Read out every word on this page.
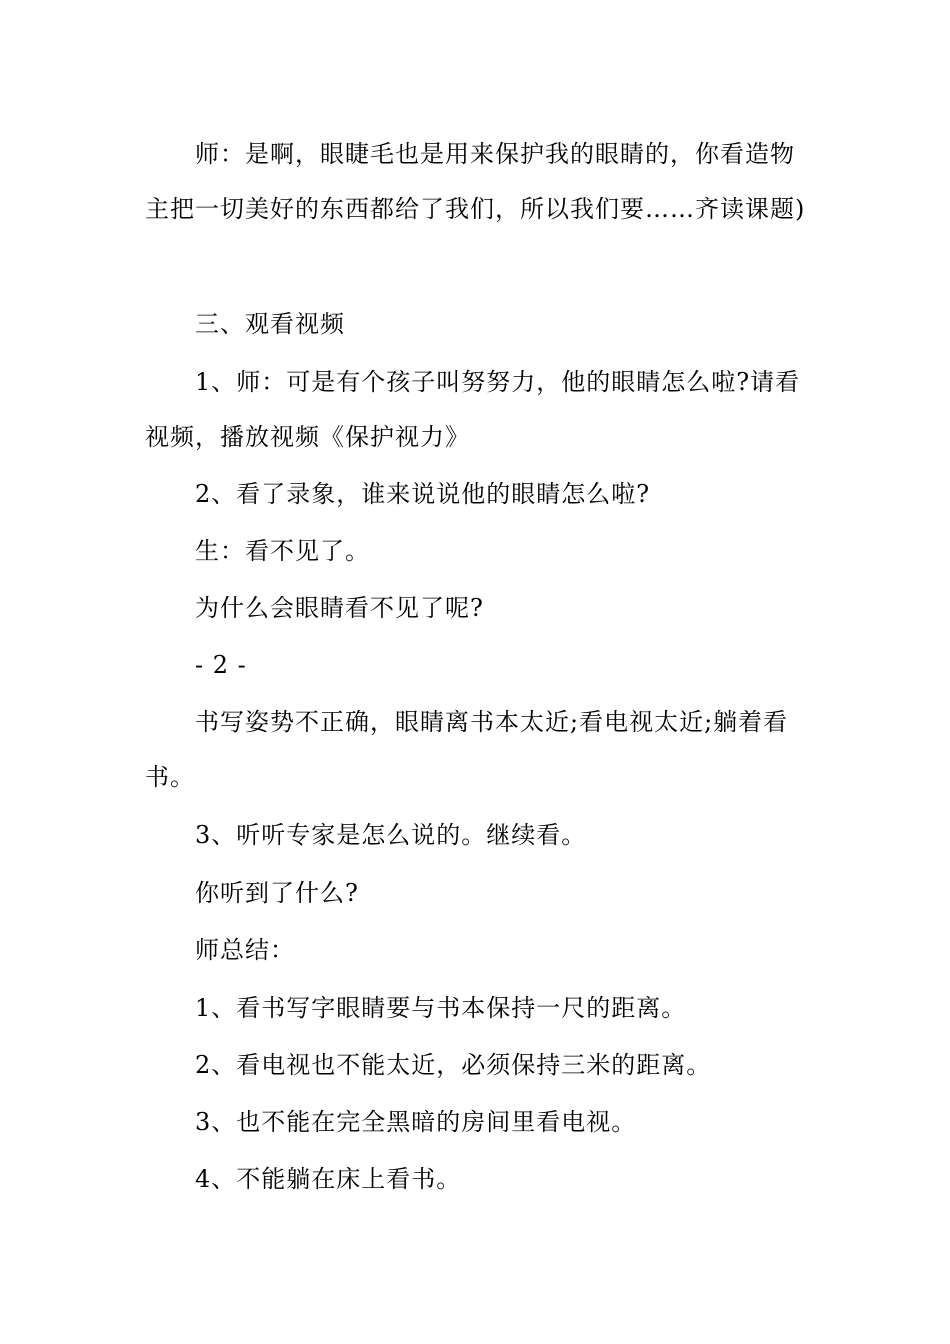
师：是啊，眼睫毛也是用来保护我的眼睛的，你看造物主把一切美好的东西都给了我们，所以我们要……齐读课题)

三、观看视频

1、师：可是有个孩子叫努努力，他的眼睛怎么啦?请看视频，播放视频《保护视力》

2、看了录象，谁来说说他的眼睛怎么啦?

生：看不见了。

为什么会眼睛看不见了呢?

- 2 -

书写姿势不正确，眼睛离书本太近;看电视太近;躺着看书。

3、听听专家是怎么说的。继续看。

你听到了什么?

师总结：

1、看书写字眼睛要与书本保持一尺的距离。

2、看电视也不能太近，必须保持三米的距离。

3、也不能在完全黑暗的房间里看电视。

4、不能躺在床上看书。
